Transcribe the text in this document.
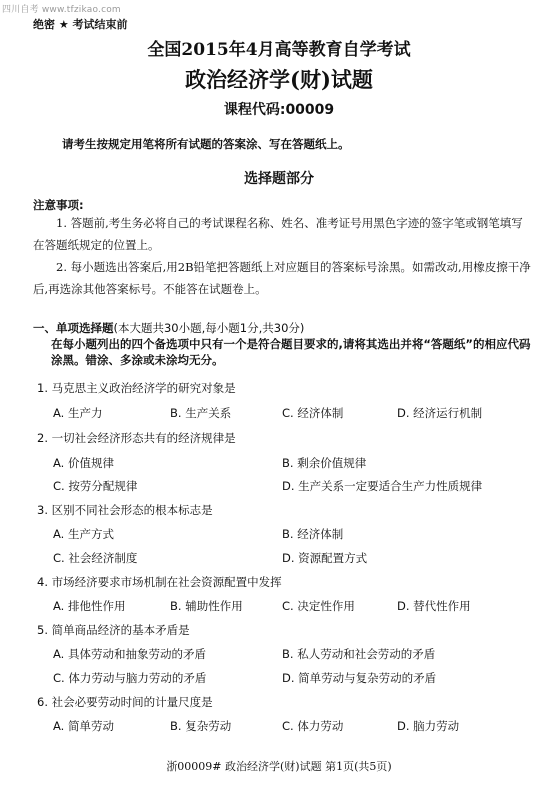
四川自考 www.tfzikao.com
绝密 ★ 考试结束前
全国2015年4月高等教育自学考试
政治经济学(财)试题
课程代码:00009
请考生按规定用笔将所有试题的答案涂、写在答题纸上。
选择题部分
注意事项:
1. 答题前,考生务必将自己的考试课程名称、姓名、准考证号用黑色字迹的签字笔或钢笔填写在答题纸规定的位置上。
2. 每小题选出答案后,用2B铅笔把答题纸上对应题目的答案标号涂黑。如需改动,用橡皮擦干净后,再选涂其他答案标号。不能答在试题卷上。
一、单项选择题(本大题共30小题,每小题1分,共30分)
在每小题列出的四个备选项中只有一个是符合题目要求的,请将其选出并将“答题纸”的相应代码涂黑。错涂、多涂或未涂均无分。
1. 马克思主义政治经济学的研究对象是
A. 生产力	B. 生产关系	C. 经济体制	D. 经济运行机制
2. 一切社会经济形态共有的经济规律是
A. 价值规律	B. 剩余价值规律
C. 按劳分配规律	D. 生产关系一定要适合生产力性质规律
3. 区别不同社会形态的根本标志是
A. 生产方式	B. 经济体制
C. 社会经济制度	D. 资源配置方式
4. 市场经济要求市场机制在社会资源配置中发挥
A. 排他性作用	B. 辅助性作用	C. 决定性作用	D. 替代性作用
5. 简单商品经济的基本矛盾是
A. 具体劳动和抽象劳动的矛盾	B. 私人劳动和社会劳动的矛盾
C. 体力劳动与脑力劳动的矛盾	D. 简单劳动与复杂劳动的矛盾
6. 社会必要劳动时间的计量尺度是
A. 简单劳动	B. 复杂劳动	C. 体力劳动	D. 脑力劳动
浙00009# 政治经济学(财)试题 第1页(共5页)
